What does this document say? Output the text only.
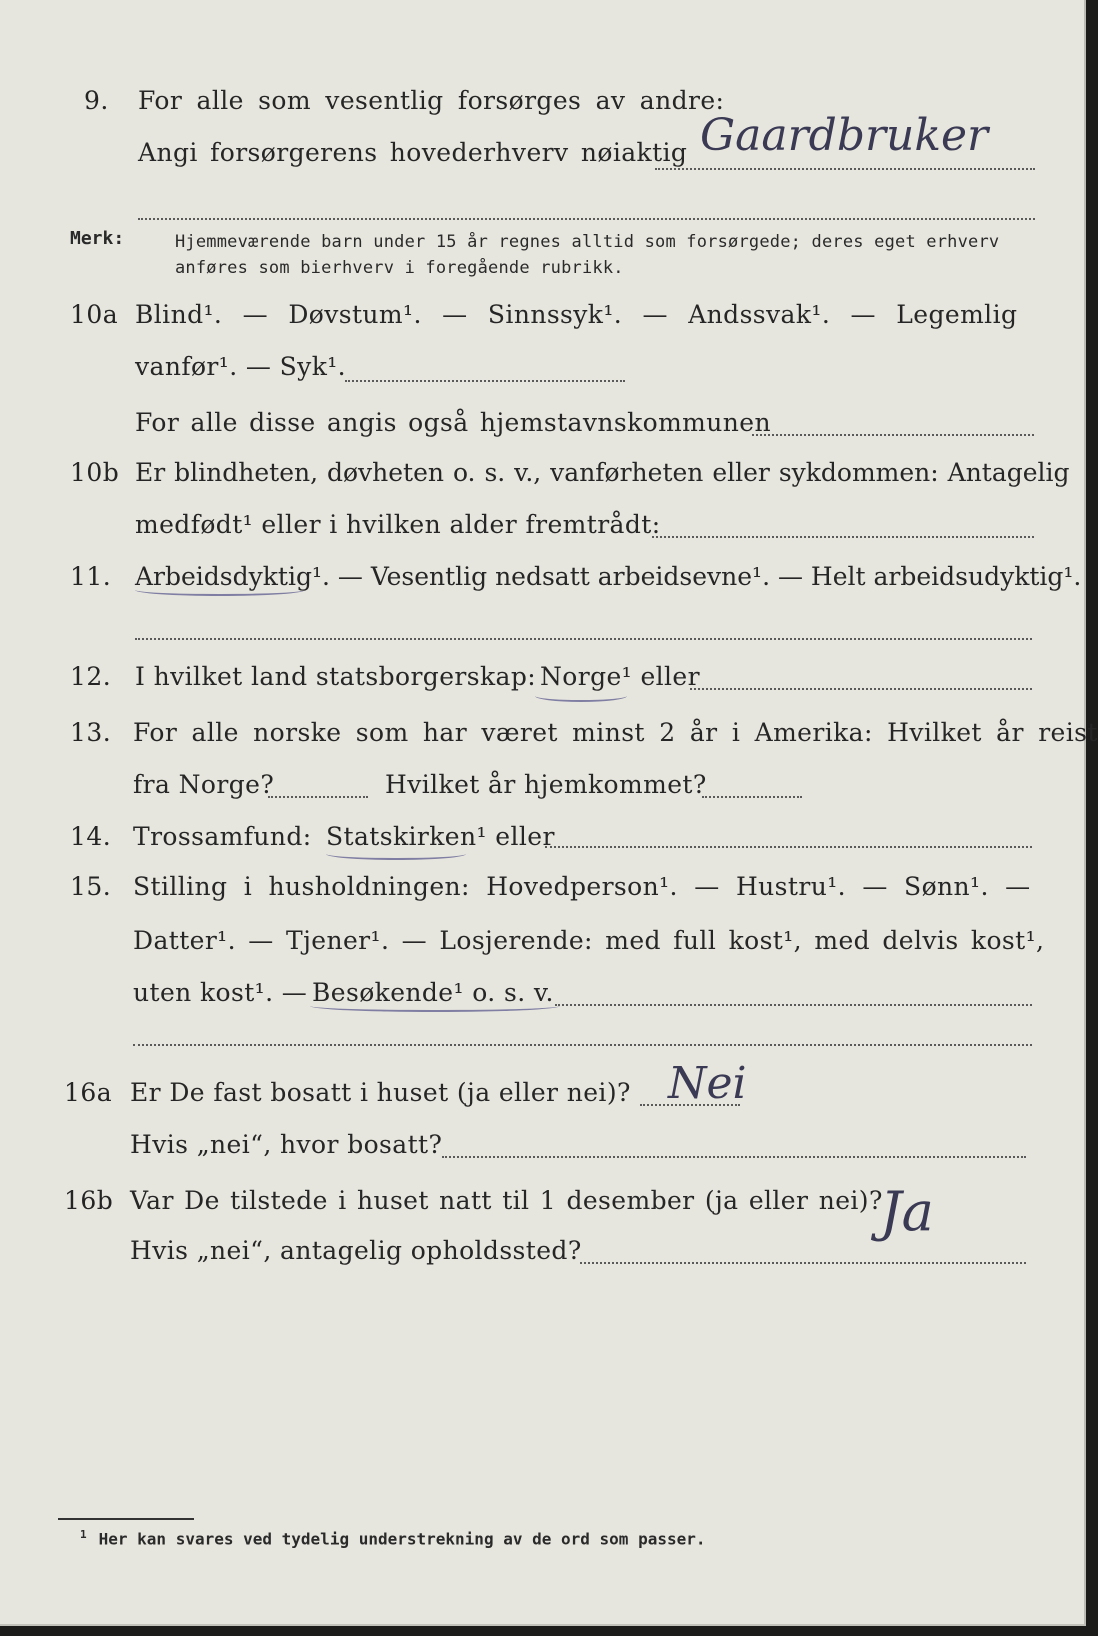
9. For alle som vesentlig forsørges av andre:
Angi forsørgerens hovederhverv nøiaktig Gaardbruker
Merk:	Hjemmeværende barn under 15 år regnes alltid som forsørgede; deres eget erhverv
anføres som bierhverv i foregående rubrikk.
10a Blind¹. — Døvstum¹. — Sinnssyk¹. — Andssvak¹. — Legemlig
vanfør¹. — Syk¹.
For alle disse angis også hjemstavnskommunen
10b Er blindheten, døvheten o. s. v., vanførheten eller sykdommen: Antagelig
medfødt¹ eller i hvilken alder fremtrådt:
11. Arbeidsdyktig¹. — Vesentlig nedsatt arbeidsevne¹. — Helt arbeidsudyktig¹.
12. I hvilket land statsborgerskap: Norge¹ eller
13. For alle norske som har været minst 2 år i Amerika: Hvilket år reist
fra Norge?	Hvilket år hjemkommet?
14. Trossamfund: Statskirken¹ eller
15. Stilling i husholdningen: Hovedperson¹. — Hustru¹. — Sønn¹. —
Datter¹. — Tjener¹. — Losjerende: med full kost¹, med delvis kost¹,
uten kost¹. — Besøkende¹ o. s. v.
16a Er De fast bosatt i huset (ja eller nei)? Nei
Hvis „nei“, hvor bosatt?
16b Var De tilstede i huset natt til 1 desember (ja eller nei)?
Ja
Hvis „nei“, antagelig opholdssted?
$^1$ Her kan svares ved tydelig understrekning av de ord som passer.
